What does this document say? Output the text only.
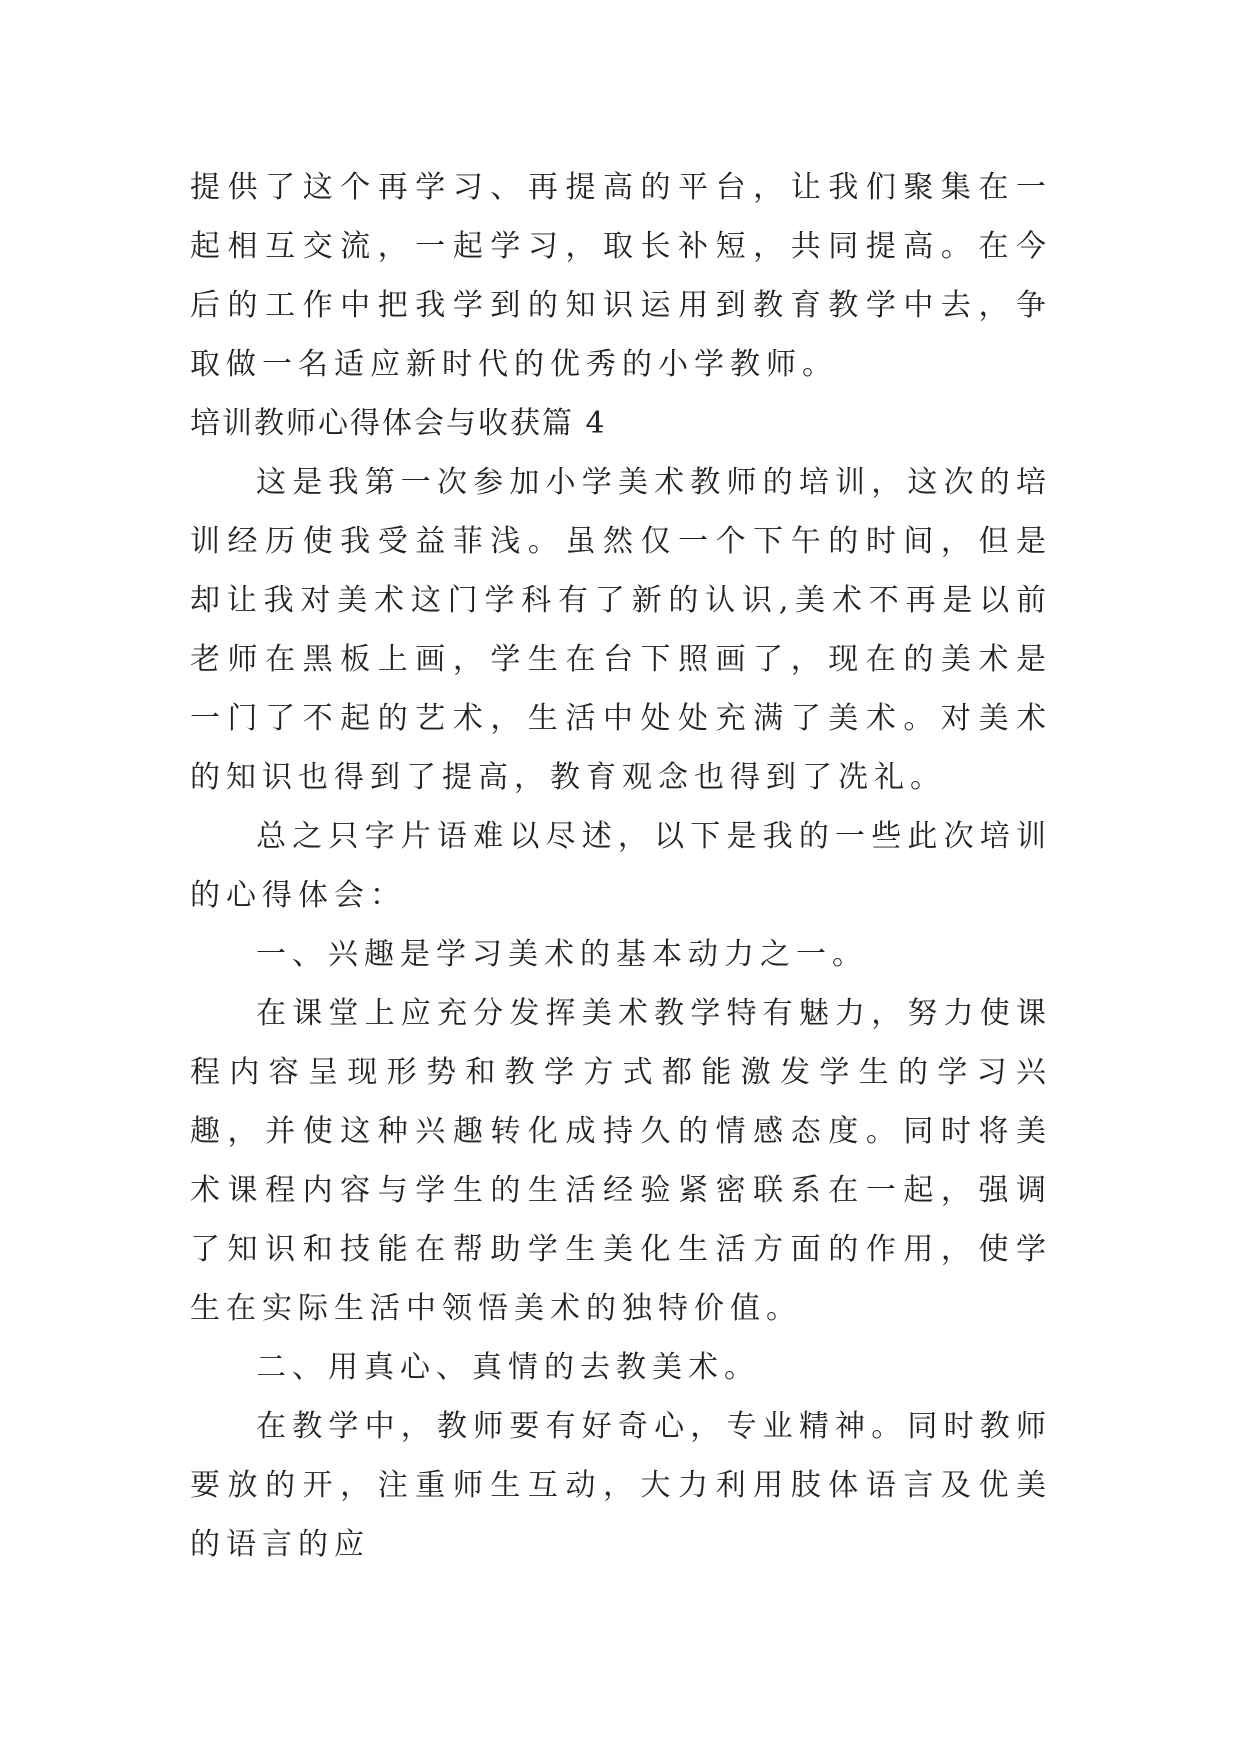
提供了这个再学习、再提高的平台，让我们聚集在一起相互交流，一起学习，取长补短，共同提高。在今后的工作中把我学到的知识运用到教育教学中去，争取做一名适应新时代的优秀的小学教师。

培训教师心得体会与收获篇 4

这是我第一次参加小学美术教师的培训，这次的培训经历使我受益菲浅。虽然仅一个下午的时间，但是却让我对美术这门学科有了新的认识,美术不再是以前老师在黑板上画，学生在台下照画了，现在的美术是一门了不起的艺术，生活中处处充满了美术。对美术的知识也得到了提高，教育观念也得到了冼礼。

总之只字片语难以尽述，以下是我的一些此次培训的心得体会：

一、兴趣是学习美术的基本动力之一。

在课堂上应充分发挥美术教学特有魅力，努力使课程内容呈现形势和教学方式都能激发学生的学习兴趣，并使这种兴趣转化成持久的情感态度。同时将美术课程内容与学生的生活经验紧密联系在一起，强调了知识和技能在帮助学生美化生活方面的作用，使学生在实际生活中领悟美术的独特价值。

二、用真心、真情的去教美术。

在教学中，教师要有好奇心，专业精神。同时教师要放的开，注重师生互动，大力利用肢体语言及优美的语言的应
